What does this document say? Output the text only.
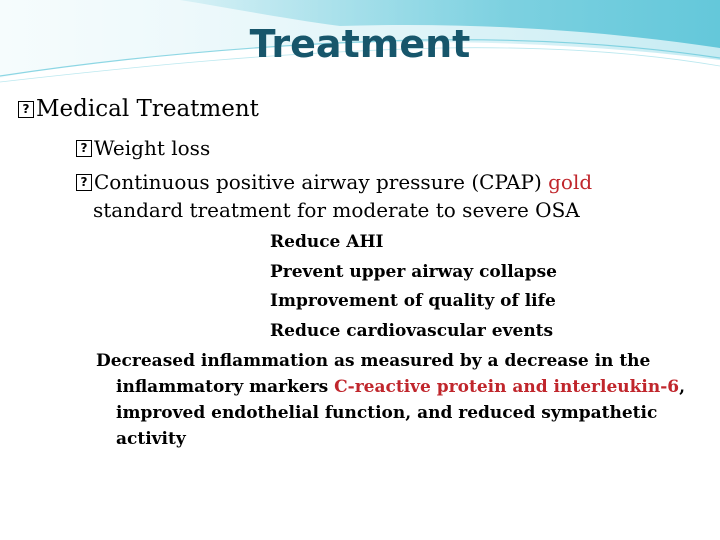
Treatment
?Medical Treatment
?Weight loss
?Continuous positive airway pressure (CPAP) gold
standard treatment for moderate to severe OSA
Reduce AHI
Prevent upper airway collapse
Improvement of quality of life
Reduce cardiovascular events
Decreased inflammation as measured by a decrease in the
inflammatory markers C-reactive protein and interleukin-6,
improved endothelial function, and reduced sympathetic
activity
